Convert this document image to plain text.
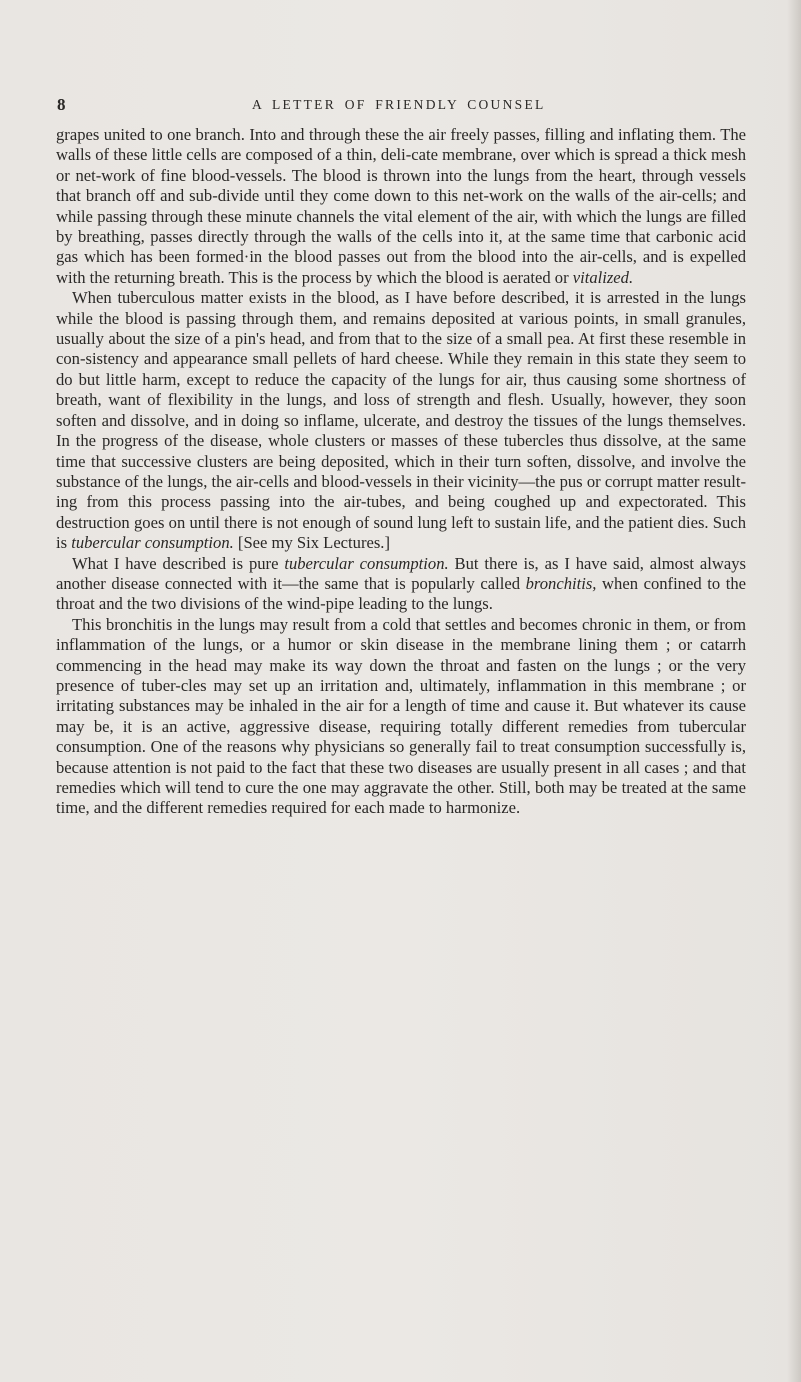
8	A LETTER OF FRIENDLY COUNSEL

grapes united to one branch. Into and through these the air freely passes, filling and inflating them. The walls of these little cells are composed of a thin, deli-cate membrane, over which is spread a thick mesh or net-work of fine blood-vessels. The blood is thrown into the lungs from the heart, through vessels that branch off and sub-divide until they come down to this net-work on the walls of the air-cells; and while passing through these minute channels the vital element of the air, with which the lungs are filled by breathing, passes directly through the walls of the cells into it, at the same time that carbonic acid gas which has been formed·in the blood passes out from the blood into the air-cells, and is expelled with the returning breath. This is the process by which the blood is aerated or vitalized.

When tuberculous matter exists in the blood, as I have before described, it is arrested in the lungs while the blood is passing through them, and remains deposited at various points, in small granules, usually about the size of a pin's head, and from that to the size of a small pea. At first these resemble in con-sistency and appearance small pellets of hard cheese. While they remain in this state they seem to do but little harm, except to reduce the capacity of the lungs for air, thus causing some shortness of breath, want of flexibility in the lungs, and loss of strength and flesh. Usually, however, they soon soften and dissolve, and in doing so inflame, ulcerate, and destroy the tissues of the lungs themselves. In the progress of the disease, whole clusters or masses of these tubercles thus dissolve, at the same time that successive clusters are being deposited, which in their turn soften, dissolve, and involve the substance of the lungs, the air-cells and blood-vessels in their vicinity—the pus or corrupt matter result-ing from this process passing into the air-tubes, and being coughed up and expectorated. This destruction goes on until there is not enough of sound lung left to sustain life, and the patient dies. Such is tubercular consumption. [See my Six Lectures.]

What I have described is pure tubercular consumption. But there is, as I have said, almost always another disease connected with it—the same that is popularly called bronchitis, when confined to the throat and the two divisions of the wind-pipe leading to the lungs.

This bronchitis in the lungs may result from a cold that settles and becomes chronic in them, or from inflammation of the lungs, or a humor or skin disease in the membrane lining them ; or catarrh commencing in the head may make its way down the throat and fasten on the lungs ; or the very presence of tuber-cles may set up an irritation and, ultimately, inflammation in this membrane ; or irritating substances may be inhaled in the air for a length of time and cause it. But whatever its cause may be, it is an active, aggressive disease, requiring totally different remedies from tubercular consumption. One of the reasons why physicians so generally fail to treat consumption successfully is, because attention is not paid to the fact that these two diseases are usually present in all cases ; and that remedies which will tend to cure the one may aggravate the other. Still, both may be treated at the same time, and the different remedies required for each made to harmonize.
